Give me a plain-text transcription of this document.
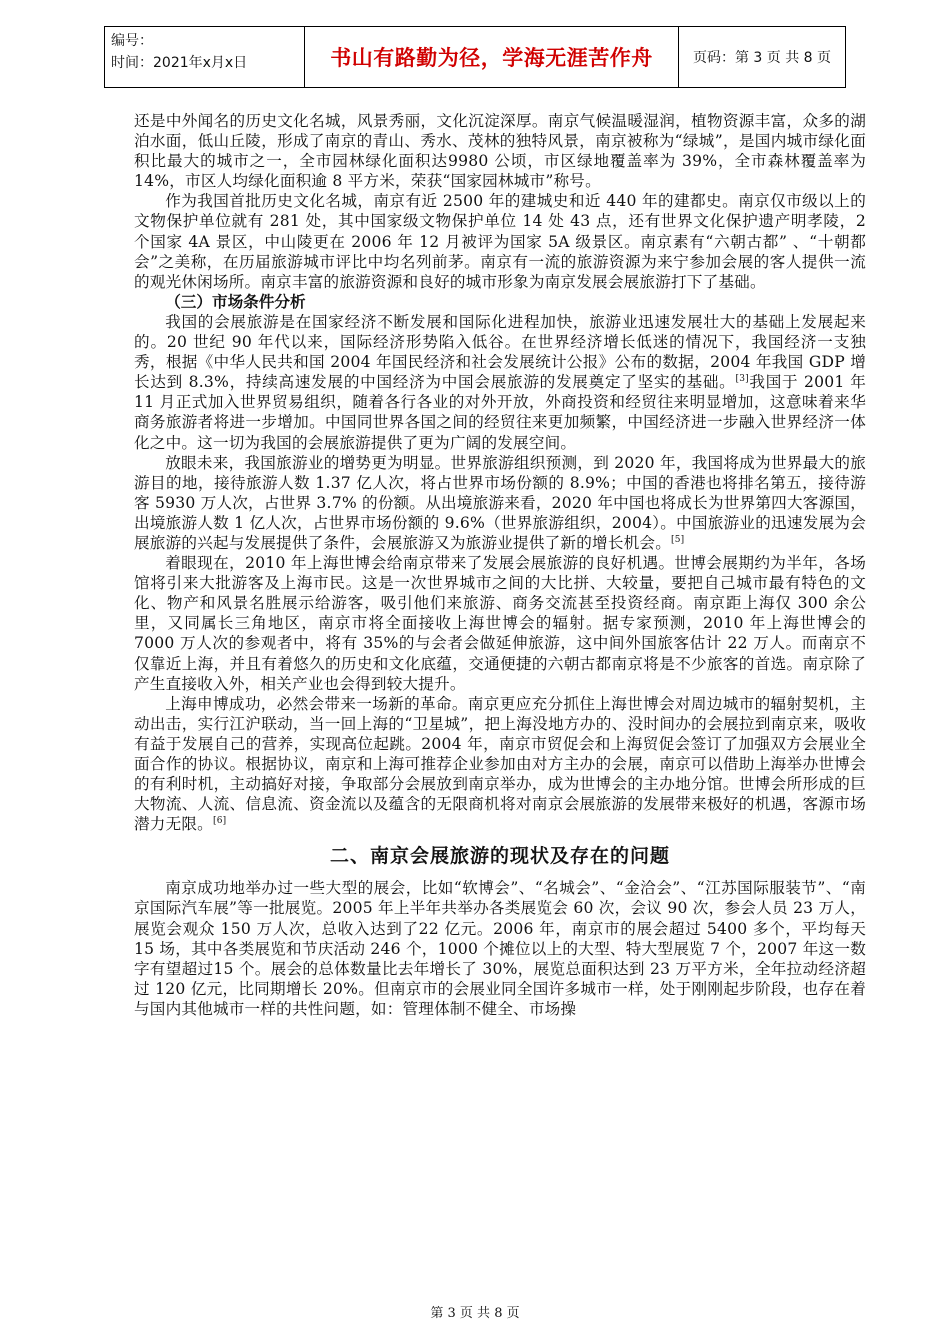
编号：
时间：2021年x月x日	书山有路勤为径，学海无涯苦作舟	页码：第 3 页 共 8 页

还是中外闻名的历史文化名城，风景秀丽，文化沉淀深厚。南京气候温暖湿润，植物资源丰富，众多的湖泊水面，低山丘陵，形成了南京的青山、秀水、茂林的独特风景，南京被称为“绿城”，是国内城市绿化面积比最大的城市之一，全市园林绿化面积达9980 公顷，市区绿地覆盖率为 39%，全市森林覆盖率为 14%，市区人均绿化面积逾 8 平方米，荣获“国家园林城市”称号。

作为我国首批历史文化名城，南京有近 2500 年的建城史和近 440 年的建都史。南京仅市级以上的文物保护单位就有 281 处，其中国家级文物保护单位 14 处 43 点，还有世界文化保护遗产明孝陵，2 个国家 4A 景区，中山陵更在 2006 年 12 月被评为国家 5A 级景区。南京素有“六朝古都” 、“十朝都会”之美称，在历届旅游城市评比中均名列前茅。南京有一流的旅游资源为来宁参加会展的客人提供一流的观光休闲场所。南京丰富的旅游资源和良好的城市形象为南京发展会展旅游打下了基础。

（三）市场条件分析

我国的会展旅游是在国家经济不断发展和国际化进程加快，旅游业迅速发展壮大的基础上发展起来的。20 世纪 90 年代以来，国际经济形势陷入低谷。在世界经济增长低迷的情况下，我国经济一支独秀，根据《中华人民共和国 2004 年国民经济和社会发展统计公报》公布的数据，2004 年我国 GDP 增长达到 8.3%，持续高速发展的中国经济为中国会展旅游的发展奠定了坚实的基础。[3]我国于 2001 年 11 月正式加入世界贸易组织，随着各行各业的对外开放，外商投资和经贸往来明显增加，这意味着来华商务旅游者将进一步增加。中国同世界各国之间的经贸往来更加频繁，中国经济进一步融入世界经济一体化之中。这一切为我国的会展旅游提供了更为广阔的发展空间。

放眼未来，我国旅游业的增势更为明显。世界旅游组织预测，到 2020 年，我国将成为世界最大的旅游目的地，接待旅游人数 1.37 亿人次，将占世界市场份额的 8.9%；中国的香港也将排名第五，接待游客 5930 万人次，占世界 3.7% 的份额。从出境旅游来看，2020 年中国也将成长为世界第四大客源国，出境旅游人数 1 亿人次，占世界市场份额的 9.6%（世界旅游组织，2004）。中国旅游业的迅速发展为会展旅游的兴起与发展提供了条件，会展旅游又为旅游业提供了新的增长机会。[5]

着眼现在，2010 年上海世博会给南京带来了发展会展旅游的良好机遇。世博会展期约为半年，各场馆将引来大批游客及上海市民。这是一次世界城市之间的大比拼、大较量，要把自己城市最有特色的文化、物产和风景名胜展示给游客，吸引他们来旅游、商务交流甚至投资经商。南京距上海仅 300 余公里，又同属长三角地区，南京市将全面接收上海世博会的辐射。据专家预测，2010 年上海世博会的 7000 万人次的参观者中，将有 35%的与会者会做延伸旅游，这中间外国旅客估计 22 万人。而南京不仅靠近上海，并且有着悠久的历史和文化底蕴，交通便捷的六朝古都南京将是不少旅客的首选。南京除了产生直接收入外，相关产业也会得到较大提升。

上海申博成功，必然会带来一场新的革命。南京更应充分抓住上海世博会对周边城市的辐射契机，主动出击，实行江沪联动，当一回上海的“卫星城”，把上海没地方办的、没时间办的会展拉到南京来，吸收有益于发展自己的营养，实现高位起跳。2004 年，南京市贸促会和上海贸促会签订了加强双方会展业全面合作的协议。根据协议，南京和上海可推荐企业参加由对方主办的会展，南京可以借助上海举办世博会的有利时机，主动搞好对接，争取部分会展放到南京举办，成为世博会的主办地分馆。世博会所形成的巨大物流、人流、信息流、资金流以及蕴含的无限商机将对南京会展旅游的发展带来极好的机遇，客源市场潜力无限。[6]

二、南京会展旅游的现状及存在的问题

南京成功地举办过一些大型的展会，比如“软博会”、“名城会”、“金洽会”、“江苏国际服装节”、“南京国际汽车展”等一批展览。2005 年上半年共举办各类展览会 60 次，会议 90 次，参会人员 23 万人，展览会观众 150 万人次，总收入达到了22 亿元。2006 年，南京市的展会超过 5400 多个，平均每天 15 场，其中各类展览和节庆活动 246 个，1000 个摊位以上的大型、特大型展览 7 个，2007 年这一数字有望超过15 个。展会的总体数量比去年增长了 30%，展览总面积达到 23 万平方米，全年拉动经济超过 120 亿元，比同期增长 20%。但南京市的会展业同全国许多城市一样，处于刚刚起步阶段，也存在着与国内其他城市一样的共性问题，如：管理体制不健全、市场操

第 3 页 共 8 页
